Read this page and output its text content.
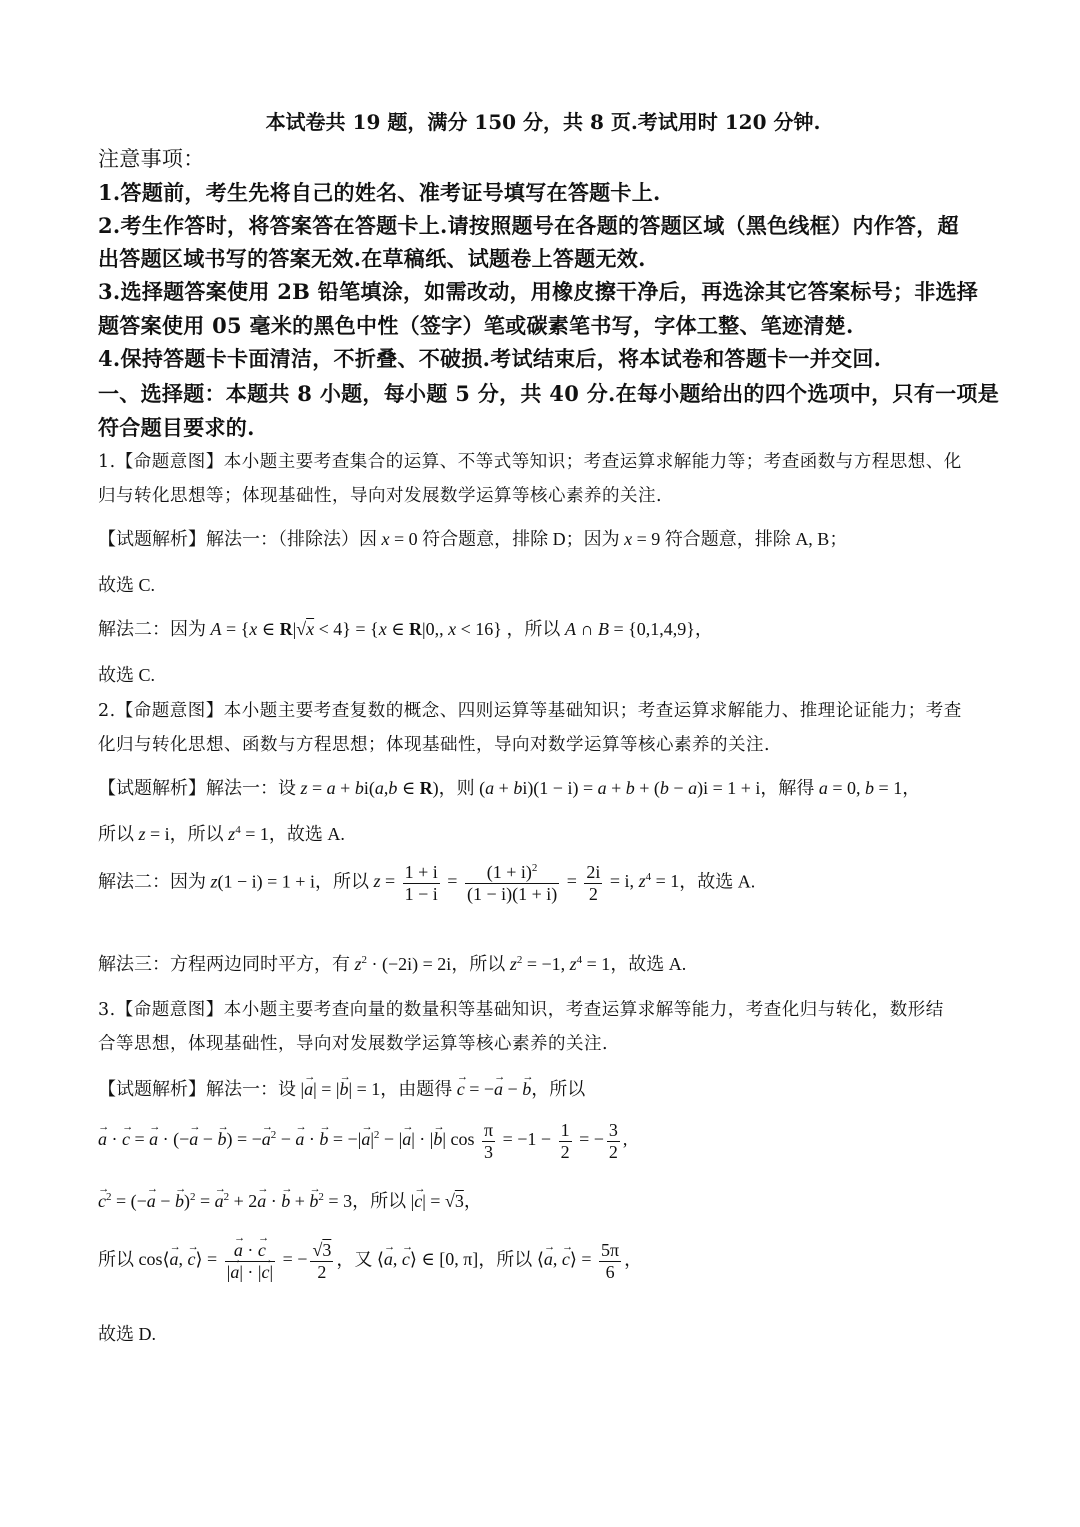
本试卷共 19 题，满分 150 分，共 8 页.考试用时 120 分钟.
注意事项：
1.答题前，考生先将自己的姓名、准考证号填写在答题卡上.
2.考生作答时，将答案答在答题卡上.请按照题号在各题的答题区域（黑色线框）内作答，超
出答题区域书写的答案无效.在草稿纸、试题卷上答题无效.
3.选择题答案使用 2B 铅笔填涂，如需改动，用橡皮擦干净后，再选涂其它答案标号；非选择
题答案使用 05 毫米的黑色中性（签字）笔或碳素笔书写，字体工整、笔迹清楚.
4.保持答题卡卡面清洁，不折叠、不破损.考试结束后，将本试卷和答题卡一并交回.
一、选择题：本题共 8 小题，每小题 5 分，共 40 分.在每小题给出的四个选项中，只有一项是
符合题目要求的.
1.【命题意图】本小题主要考查集合的运算、不等式等知识；考查运算求解能力等；考查函数与方程思想、化
归与转化思想等；体现基础性，导向对发展数学运算等核心素养的关注.
【试题解析】解法一：（排除法）因 x = 0 符合题意，排除 D；因为 x = 9 符合题意，排除 A, B；
故选 C.
解法二：因为 A = {x ∈ R|√x < 4} = {x ∈ R|0,, x < 16} ，所以 A ∩ B = {0,1,4,9}，
故选 C.
2.【命题意图】本小题主要考查复数的概念、四则运算等基础知识；考查运算求解能力、推理论证能力；考查
化归与转化思想、函数与方程思想；体现基础性，导向对数学运算等核心素养的关注.
【试题解析】解法一：设 z = a + bi(a,b ∈ R)，则 (a + bi)(1 − i) = a + b + (b − a)i = 1 + i，解得 a = 0, b = 1，
所以 z = i，所以 $z^4 = 1$，故选 A.
解法二：因为 z(1 − i) = 1 + i，所以 $z = \frac{1 + i}{1 - i} = \frac{(1 + i)^2}{(1 - i)(1 + i)} = \frac{2i}{2} = i$, $z^4 = 1$，故选 A.
解法三：方程两边同时平方，有 $z^2 \cdot (-2i) = 2i$，所以 $z^2 = -1$, $z^4 = 1$，故选 A.
3.【命题意图】本小题主要考查向量的数量积等基础知识，考查运算求解等能力，考查化归与转化，数形结
合等思想，体现基础性，导向对发展数学运算等核心素养的关注.
【试题解析】解法一：设 |→ a| = |→ b| = 1，由题得 → c = −→ a − → b，所以
→ a · → c = → a · (−→ a − → b) = −→ $a^2$ − → a · → b = −|→ $a|^2$ − |→ a| · |→ b| $\cos \frac{\pi}{3} = -1 - \frac{1}{2}$ = − $\frac{3}{2}$ ,
→ $c^2$ = (−→ a − → b)$^2$ = → $a^2 + 2\to a$ · → b + → $b^2 = 3$，所以 |→ c| = √3，
所以 cos⟨→ a, → c⟩ = → $\frac{a \cdot \to c}{|\to a| \cdot |\to c|}$ = − $\frac{√3}{2}$ ，又 ⟨→ a, → c⟩ ∈ [0, π]，所以 ⟨→ a, → c⟩ = $\frac{5\pi}{6}$ ，
故选 D.
